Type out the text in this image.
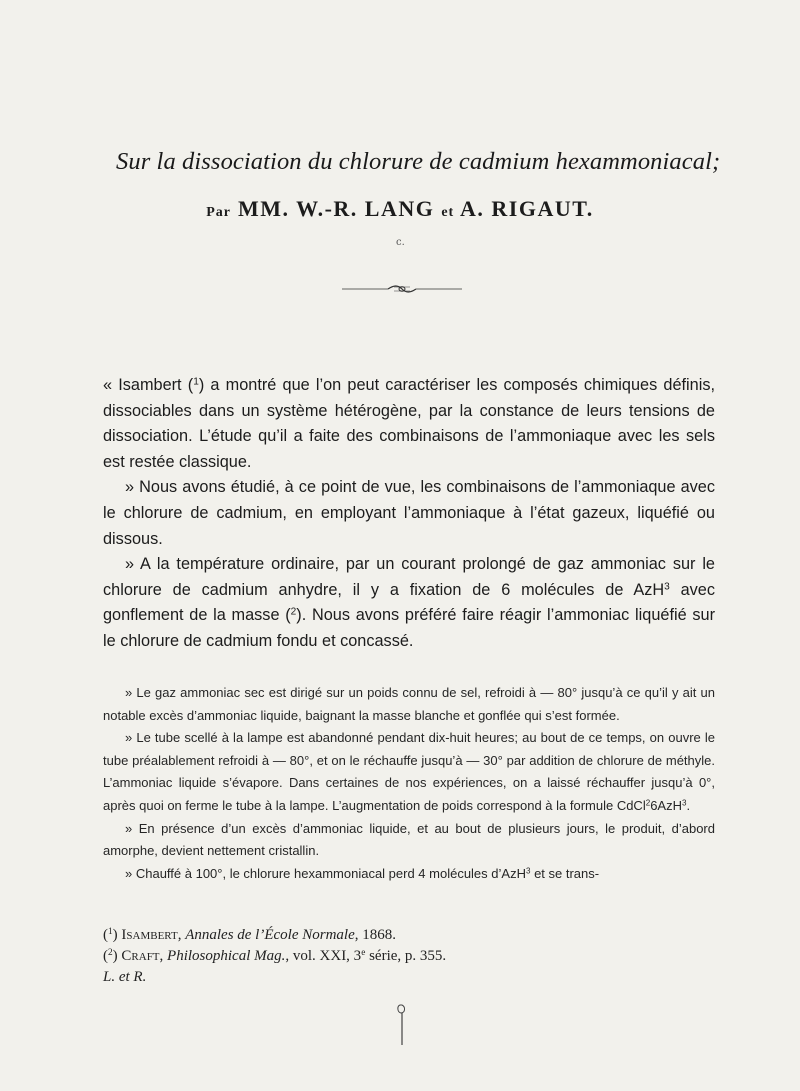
Sur la dissociation du chlorure de cadmium hexammoniacal;
Par MM. W.-R. LANG et A. RIGAUT.
c.

« Isambert ($^1$) a montré que l’on peut caractériser les composés chimiques définis, dissociables dans un système hétérogène, par la constance de leurs tensions de dissociation. L’étude qu’il a faite des combinaisons de l’ammoniaque avec les sels est restée classique.

» Nous avons étudié, à ce point de vue, les combinaisons de l’ammoniaque avec le chlorure de cadmium, en employant l’ammoniaque à l’état gazeux, liquéfié ou dissous.

» A la température ordinaire, par un courant prolongé de gaz ammoniac sur le chlorure de cadmium anhydre, il y a fixation de 6 molécules de AzH$^3$ avec gonflement de la masse ($^2$). Nous avons préféré faire réagir l’ammoniac liquéfié sur le chlorure de cadmium fondu et concassé.

» Le gaz ammoniac sec est dirigé sur un poids connu de sel, refroidi à — 80° jusqu’à ce qu’il y ait un notable excès d’ammoniac liquide, baignant la masse blanche et gonflée qui s’est formée.

» Le tube scellé à la lampe est abandonné pendant dix-huit heures; au bout de ce temps, on ouvre le tube préalablement refroidi à — 80°, et on le réchauffe jusqu’à — 30° par addition de chlorure de méthyle. L’ammoniac liquide s’évapore. Dans certaines de nos expériences, on a laissé réchauffer jusqu’à 0°, après quoi on ferme le tube à la lampe. L’augmentation de poids correspond à la formule CdCl$^2$6AzH$^3$.

» En présence d’un excès d’ammoniac liquide, et au bout de plusieurs jours, le produit, d’abord amorphe, devient nettement cristallin.

» Chauffé à 100°, le chlorure hexammoniacal perd 4 molécules d’AzH$^3$ et se trans-

($^1$) Isambert, Annales de l’École Normale, 1868.

($^2$) Craft, Philosophical Mag., vol. XXI, 3e série, p. 355.

L. et R.
